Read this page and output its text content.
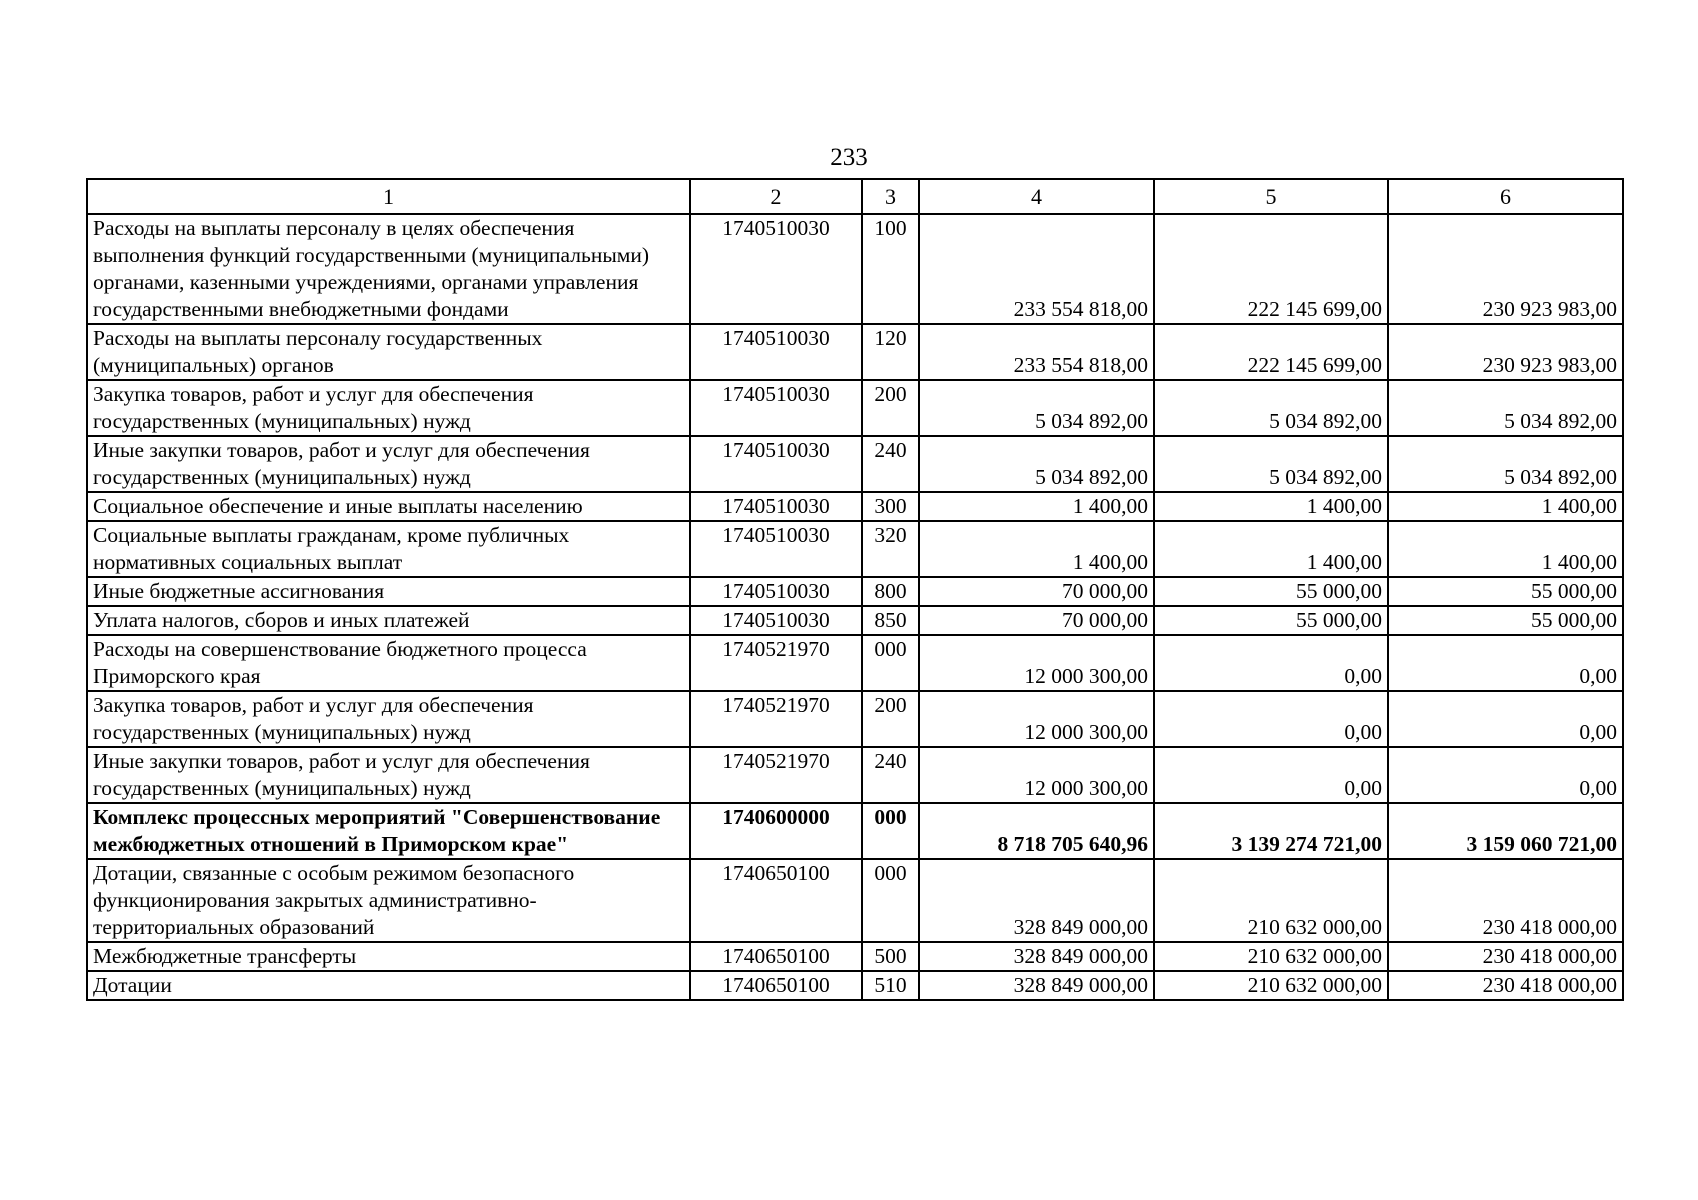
233
1	2	3	4	5	6
Расходы на выплаты персоналу в целях обеспечения выполнения функций государственными (муниципальными) органами, казенными учреждениями, органами управления государственными внебюджетными фондами	1740510030	100	233 554 818,00	222 145 699,00	230 923 983,00
Расходы на выплаты персоналу государственных (муниципальных) органов	1740510030	120	233 554 818,00	222 145 699,00	230 923 983,00
Закупка товаров, работ и услуг для обеспечения государственных (муниципальных) нужд	1740510030	200	5 034 892,00	5 034 892,00	5 034 892,00
Иные закупки товаров, работ и услуг для обеспечения государственных (муниципальных) нужд	1740510030	240	5 034 892,00	5 034 892,00	5 034 892,00
Социальное обеспечение и иные выплаты населению	1740510030	300	1 400,00	1 400,00	1 400,00
Социальные выплаты гражданам, кроме публичных нормативных социальных выплат	1740510030	320	1 400,00	1 400,00	1 400,00
Иные бюджетные ассигнования	1740510030	800	70 000,00	55 000,00	55 000,00
Уплата налогов, сборов и иных платежей	1740510030	850	70 000,00	55 000,00	55 000,00
Расходы на совершенствование бюджетного процесса Приморского края	1740521970	000	12 000 300,00	0,00	0,00
Закупка товаров, работ и услуг для обеспечения государственных (муниципальных) нужд	1740521970	200	12 000 300,00	0,00	0,00
Иные закупки товаров, работ и услуг для обеспечения государственных (муниципальных) нужд	1740521970	240	12 000 300,00	0,00	0,00
Комплекс процессных мероприятий "Совершенствование межбюджетных отношений в Приморском крае"	1740600000	000	8 718 705 640,96	3 139 274 721,00	3 159 060 721,00
Дотации, связанные с особым режимом безопасного функционирования закрытых административно-территориальных образований	1740650100	000	328 849 000,00	210 632 000,00	230 418 000,00
Межбюджетные трансферты	1740650100	500	328 849 000,00	210 632 000,00	230 418 000,00
Дотации	1740650100	510	328 849 000,00	210 632 000,00	230 418 000,00
